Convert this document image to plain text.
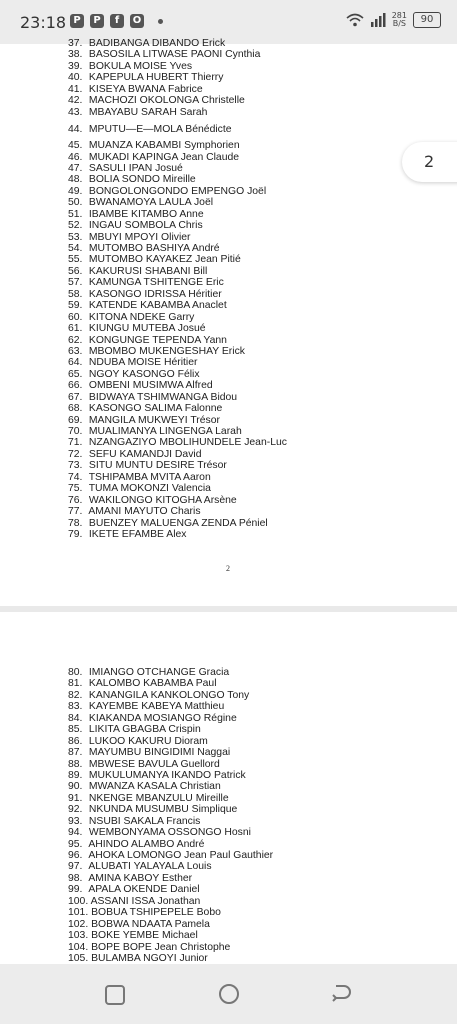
23:18 P	P	f	O	281
B/S	90
37. BADIBANGA DIBANDO Erick
38. BASOSILA LITWASE PAONI Cynthia
39. BOKULA MOISE Yves
40. KAPEPULA HUBERT Thierry
41. KISEYA BWANA Fabrice
42. MACHOZI OKOLONGA Christelle
43. MBAYABU SARAH Sarah
44. MPUTU—E—MOLA Bénédicte
45. MUANZA KABAMBI Symphorien
46. MUKADI KAPINGA Jean Claude
47. SASULI IPAN Josué
48. BOLIA SONDO Mireille
49. BONGOLONGONDO EMPENGO Joël
50. BWANAMOYA LAULA Joël
51. IBAMBE KITAMBO Anne
52. INGAU SOMBOLA Chris
53. MBUYI MPOYI Olivier
54. MUTOMBO BASHIYA André
55. MUTOMBO KAYAKEZ Jean Pitié
56. KAKURUSI SHABANI Bill
57. KAMUNGA TSHITENGE Eric
58. KASONGO IDRISSA Héritier
59. KATENDE KABAMBA Anaclet
60. KITONA NDEKE Garry
61. KIUNGU MUTEBA Josué
62. KONGUNGE TEPENDA Yann
63. MBOMBO MUKENGESHAY Erick
64. NDUBA MOISE Héritier
65. NGOY KASONGO Félix
66. OMBENI MUSIMWA Alfred
67. BIDWAYA TSHIMWANGA Bidou
68. KASONGO SALIMA Falonne
69. MANGILA MUKWEYI Trésor
70. MUALIMANYA LINGENGA Larah
71. NZANGAZIYO MBOLIHUNDELE Jean-Luc
72. SEFU KAMANDJI David
73. SITU MUNTU DESIRE Trésor
74. TSHIPAMBA MVITA Aaron
75. TUMA MOKONZI Valencia
76. WAKILONGO KITOGHA Arsène
77. AMANI MAYUTO Charis
78. BUENZEY MALUENGA ZENDA Péniel
79. IKETE EFAMBE Alex
2
80. IMIANGO OTCHANGE Gracia
81. KALOMBO KABAMBA Paul
82. KANANGILA KANKOLONGO Tony
83. KAYEMBE KABEYA Matthieu
84. KIAKANDA MOSIANGO Régine
85. LIKITA GBAGBA Crispin
86. LUKOO KAKURU Dioram
87. MAYUMBU BINGIDIMI Naggai
88. MBWESE BAVULA Guellord
89. MUKULUMANYA IKANDO Patrick
90. MWANZA KASALA Christian
91. NKENGE MBANZULU Mireille
92. NKUNDA MUSUMBU Simplique
93. NSUBI SAKALA Francis
94. WEMBONYAMA OSSONGO Hosni
95. AHINDO ALAMBO André
96. AHOKA LOMONGO Jean Paul Gauthier
97. ALUBATI YALAYALA Louis
98. AMINA KABOY Esther
99. APALA OKENDE Daniel
100. ASSANI ISSA Jonathan
101. BOBUA TSHIPEPELE Bobo
102. BOBWA NDAATA Pamela
103. BOKE YEMBE Michael
104. BOPE BOPE Jean Christophe
105. BULAMBA NGOYI Junior
2
